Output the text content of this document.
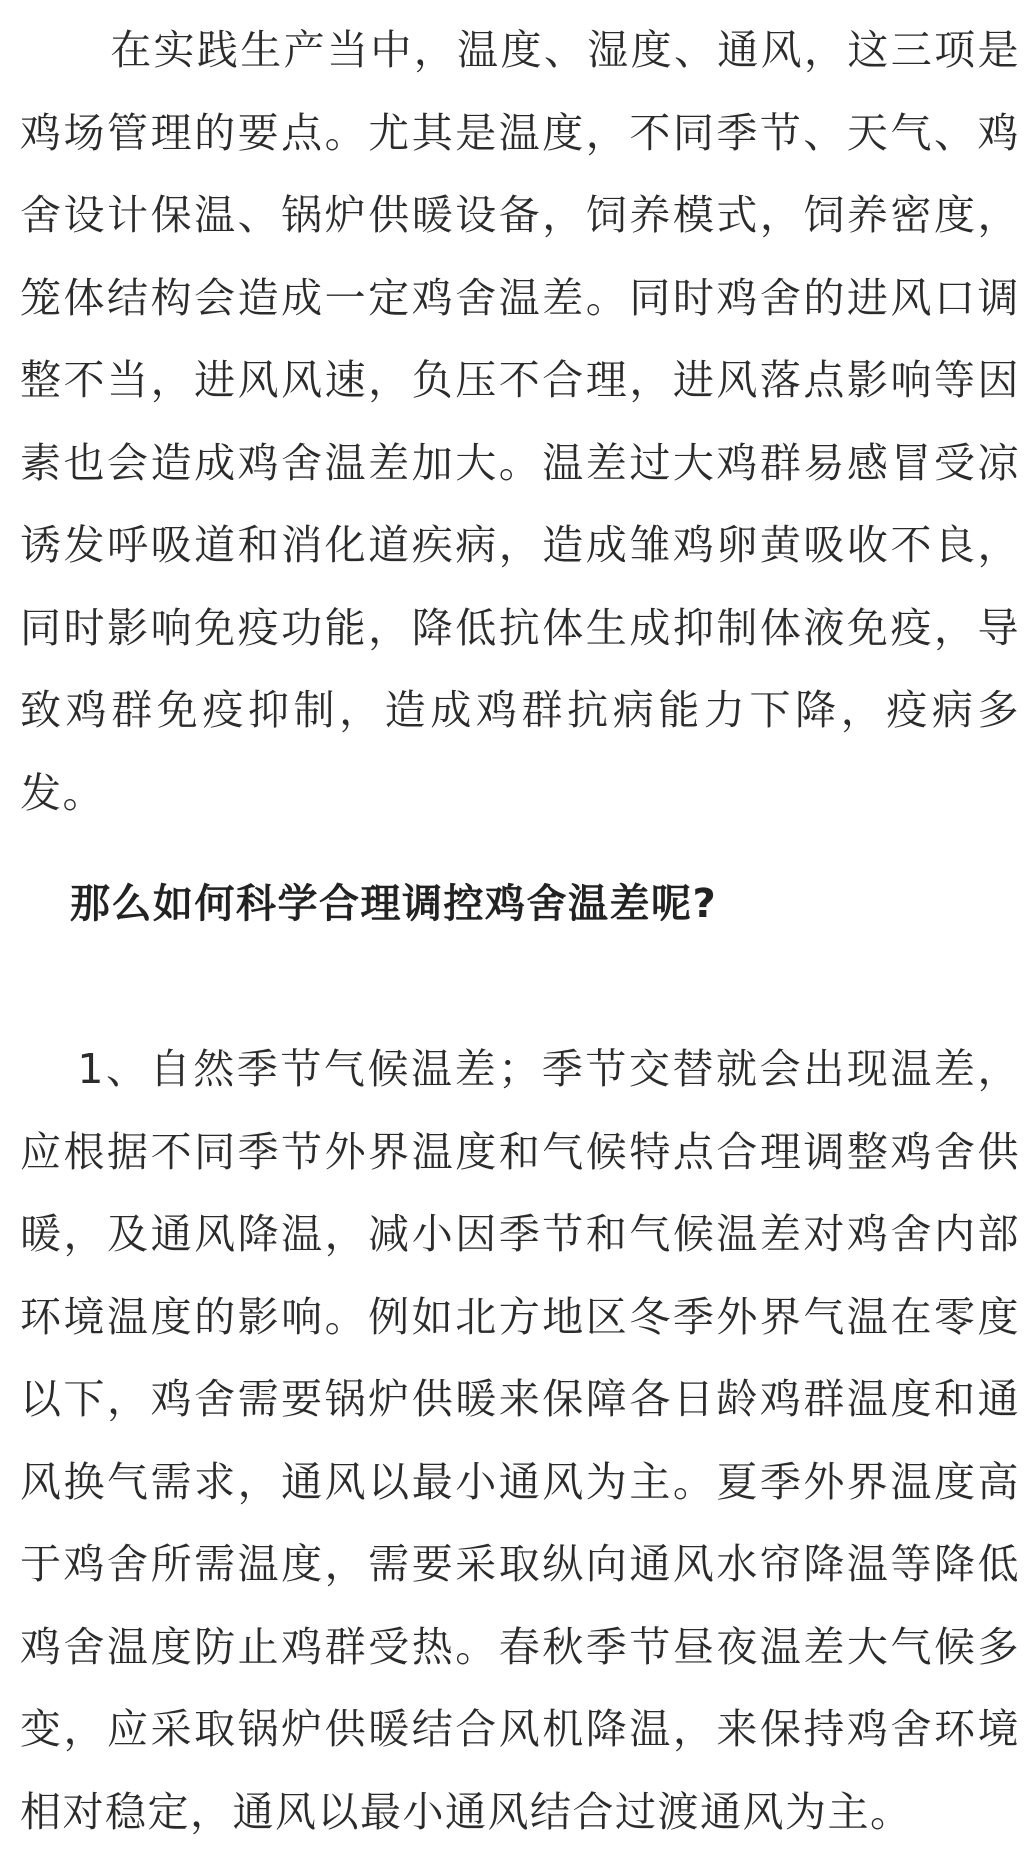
在实践生产当中，温度、湿度、通风，这三项是鸡场管理的要点。尤其是温度，不同季节、天气、鸡舍设计保温、锅炉供暖设备，饲养模式，饲养密度，笼体结构会造成一定鸡舍温差。同时鸡舍的进风口调整不当，进风风速，负压不合理，进风落点影响等因素也会造成鸡舍温差加大。温差过大鸡群易感冒受凉诱发呼吸道和消化道疾病，造成雏鸡卵黄吸收不良，同时影响免疫功能，降低抗体生成抑制体液免疫，导致鸡群免疫抑制，造成鸡群抗病能力下降，疫病多发。

那么如何科学合理调控鸡舍温差呢?

1、自然季节气候温差；季节交替就会出现温差，应根据不同季节外界温度和气候特点合理调整鸡舍供暖，及通风降温，减小因季节和气候温差对鸡舍内部环境温度的影响。例如北方地区冬季外界气温在零度以下，鸡舍需要锅炉供暖来保障各日龄鸡群温度和通风换气需求，通风以最小通风为主。夏季外界温度高于鸡舍所需温度，需要采取纵向通风水帘降温等降低鸡舍温度防止鸡群受热。春秋季节昼夜温差大气候多变，应采取锅炉供暖结合风机降温，来保持鸡舍环境相对稳定，通风以最小通风结合过渡通风为主。
